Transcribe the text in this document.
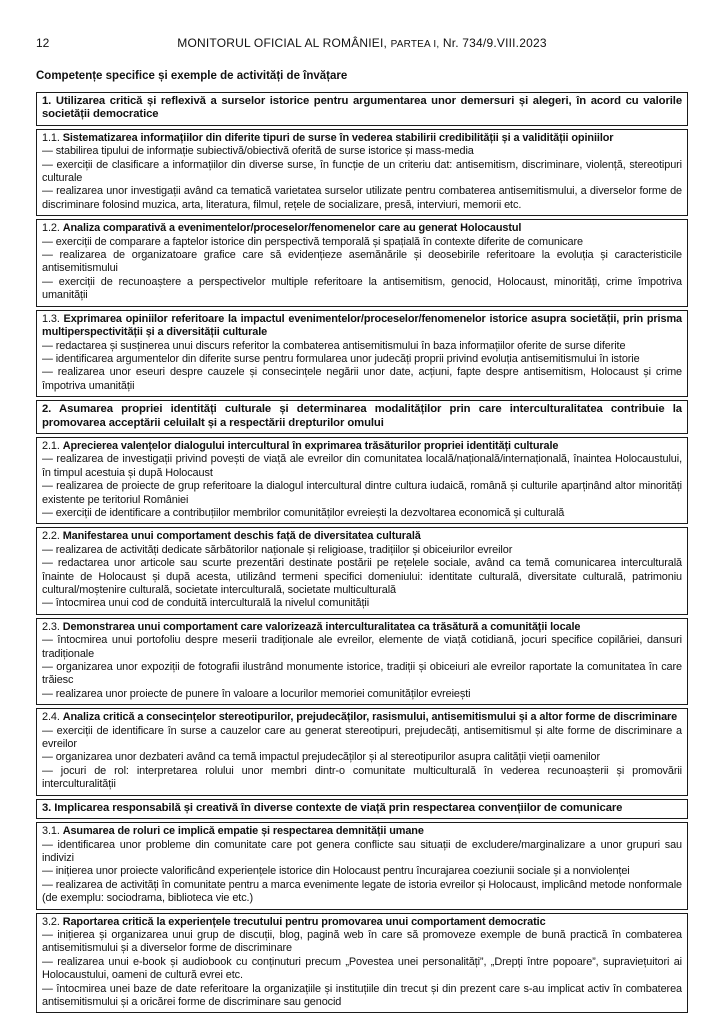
12	MONITORUL OFICIAL AL ROMÂNIEI, PARTEA I, Nr. 734/9.VIII.2023
Competențe specifice și exemple de activități de învățare
1. Utilizarea critică și reflexivă a surselor istorice pentru argumentarea unor demersuri și alegeri, în acord cu valorile societății democratice
1.1. Sistematizarea informațiilor din diferite tipuri de surse în vederea stabilirii credibilității și a validității opiniilor
— stabilirea tipului de informație subiectivă/obiectivă oferită de surse istorice și mass-media
— exerciții de clasificare a informațiilor din diverse surse, în funcție de un criteriu dat: antisemitism, discriminare, violență, stereotipuri culturale
— realizarea unor investigații având ca tematică varietatea surselor utilizate pentru combaterea antisemitismului, a diverselor forme de discriminare folosind muzica, arta, literatura, filmul, rețele de socializare, presă, interviuri, memorii etc.
1.2. Analiza comparativă a evenimentelor/proceselor/fenomenelor care au generat Holocaustul
— exerciții de comparare a faptelor istorice din perspectivă temporală și spațială în contexte diferite de comunicare
— realizarea de organizatoare grafice care să evidențieze asemănările și deosebirile referitoare la evoluția și caracteristicile antisemitismului
— exerciții de recunoaștere a perspectivelor multiple referitoare la antisemitism, genocid, Holocaust, minorități, crime împotriva umanității
1.3. Exprimarea opiniilor referitoare la impactul evenimentelor/proceselor/fenomenelor istorice asupra societății, prin prisma multiperspectivității și a diversității culturale
— redactarea și susținerea unui discurs referitor la combaterea antisemitismului în baza informațiilor oferite de surse diferite
— identificarea argumentelor din diferite surse pentru formularea unor judecăți proprii privind evoluția antisemitismului în istorie
— realizarea unor eseuri despre cauzele și consecințele negării unor date, acțiuni, fapte despre antisemitism, Holocaust și crime împotriva umanității
2. Asumarea propriei identități culturale și determinarea modalităților prin care interculturalitatea contribuie la promovarea acceptării celuilalt și a respectării drepturilor omului
2.1. Aprecierea valențelor dialogului intercultural în exprimarea trăsăturilor propriei identități culturale
— realizarea de investigații privind povești de viață ale evreilor din comunitatea locală/națională/internațională, înaintea Holocaustului, în timpul acestuia și după Holocaust
— realizarea de proiecte de grup referitoare la dialogul intercultural dintre cultura iudaică, română și culturile aparținând altor minorități existente pe teritoriul României
— exerciții de identificare a contribuțiilor membrilor comunităților evreiești la dezvoltarea economică și culturală
2.2. Manifestarea unui comportament deschis față de diversitatea culturală
— realizarea de activități dedicate sărbătorilor naționale și religioase, tradițiilor și obiceiurilor evreilor
— redactarea unor articole sau scurte prezentări destinate postării pe rețelele sociale, având ca temă comunicarea interculturală înainte de Holocaust și după acesta, utilizând termeni specifici domeniului: identitate culturală, diversitate culturală, patrimoniu cultural/moștenire culturală, societate interculturală, societate multiculturală
— întocmirea unui cod de conduită interculturală la nivelul comunității
2.3. Demonstrarea unui comportament care valorizează interculturalitatea ca trăsătură a comunității locale
— întocmirea unui portofoliu despre meserii tradiționale ale evreilor, elemente de viață cotidiană, jocuri specifice copilăriei, dansuri tradiționale
— organizarea unor expoziții de fotografii ilustrând monumente istorice, tradiții și obiceiuri ale evreilor raportate la comunitatea în care trăiesc
— realizarea unor proiecte de punere în valoare a locurilor memoriei comunităților evreiești
2.4. Analiza critică a consecințelor stereotipurilor, prejudecăților, rasismului, antisemitismului și a altor forme de discriminare
— exerciții de identificare în surse a cauzelor care au generat stereotipuri, prejudecăți, antisemitismul și alte forme de discriminare a evreilor
— organizarea unor dezbateri având ca temă impactul prejudecăților și al stereotipurilor asupra calității vieții oamenilor
— jocuri de rol: interpretarea rolului unor membri dintr-o comunitate multiculturală în vederea recunoașterii și promovării interculturalității
3. Implicarea responsabilă și creativă în diverse contexte de viață prin respectarea convențiilor de comunicare
3.1. Asumarea de roluri ce implică empatie și respectarea demnității umane
— identificarea unor probleme din comunitate care pot genera conflicte sau situații de excludere/marginalizare a unor grupuri sau indivizi
— inițierea unor proiecte valorificând experiențele istorice din Holocaust pentru încurajarea coeziunii sociale și a nonviolenței
— realizarea de activități în comunitate pentru a marca evenimente legate de istoria evreilor și Holocaust, implicând metode nonformale (de exemplu: sociodrama, biblioteca vie etc.)
3.2. Raportarea critică la experiențele trecutului pentru promovarea unui comportament democratic
— inițierea și organizarea unui grup de discuții, blog, pagină web în care să promoveze exemple de bună practică în combaterea antisemitismului și a diverselor forme de discriminare
— realizarea unui e-book și audiobook cu conținuturi precum „Povestea unei personalități”, „Drepți între popoare”, supraviețuitori ai Holocaustului, oameni de cultură evrei etc.
— întocmirea unei baze de date referitoare la organizațiile și instituțiile din trecut și din prezent care s-au implicat activ în combaterea antisemitismului și a oricărei forme de discriminare sau genocid
